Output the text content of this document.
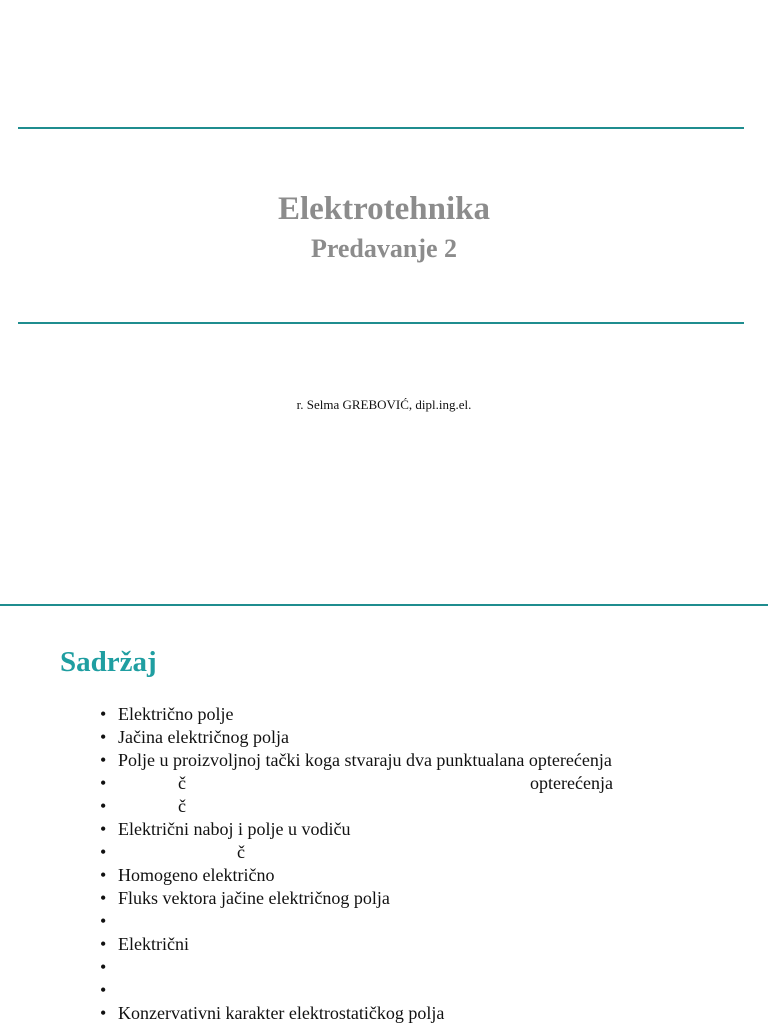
Elektrotehnika
Predavanje 2
r. Selma GREBOVIĆ, dipl.ing.el.
Sadržaj
• Električno polje
• Jačina električnog polja
• Polje u proizvoljnoj tački koga stvaraju dva punktualana opterećenja
•	č	opterećenja
•	č
• Električni naboj i polje u vodiču
•	č
• Homogeno električno
• Fluks vektora jačine električnog polja
•
• Električni
•
•
• Konzervativni karakter elektrostatičkog polja
